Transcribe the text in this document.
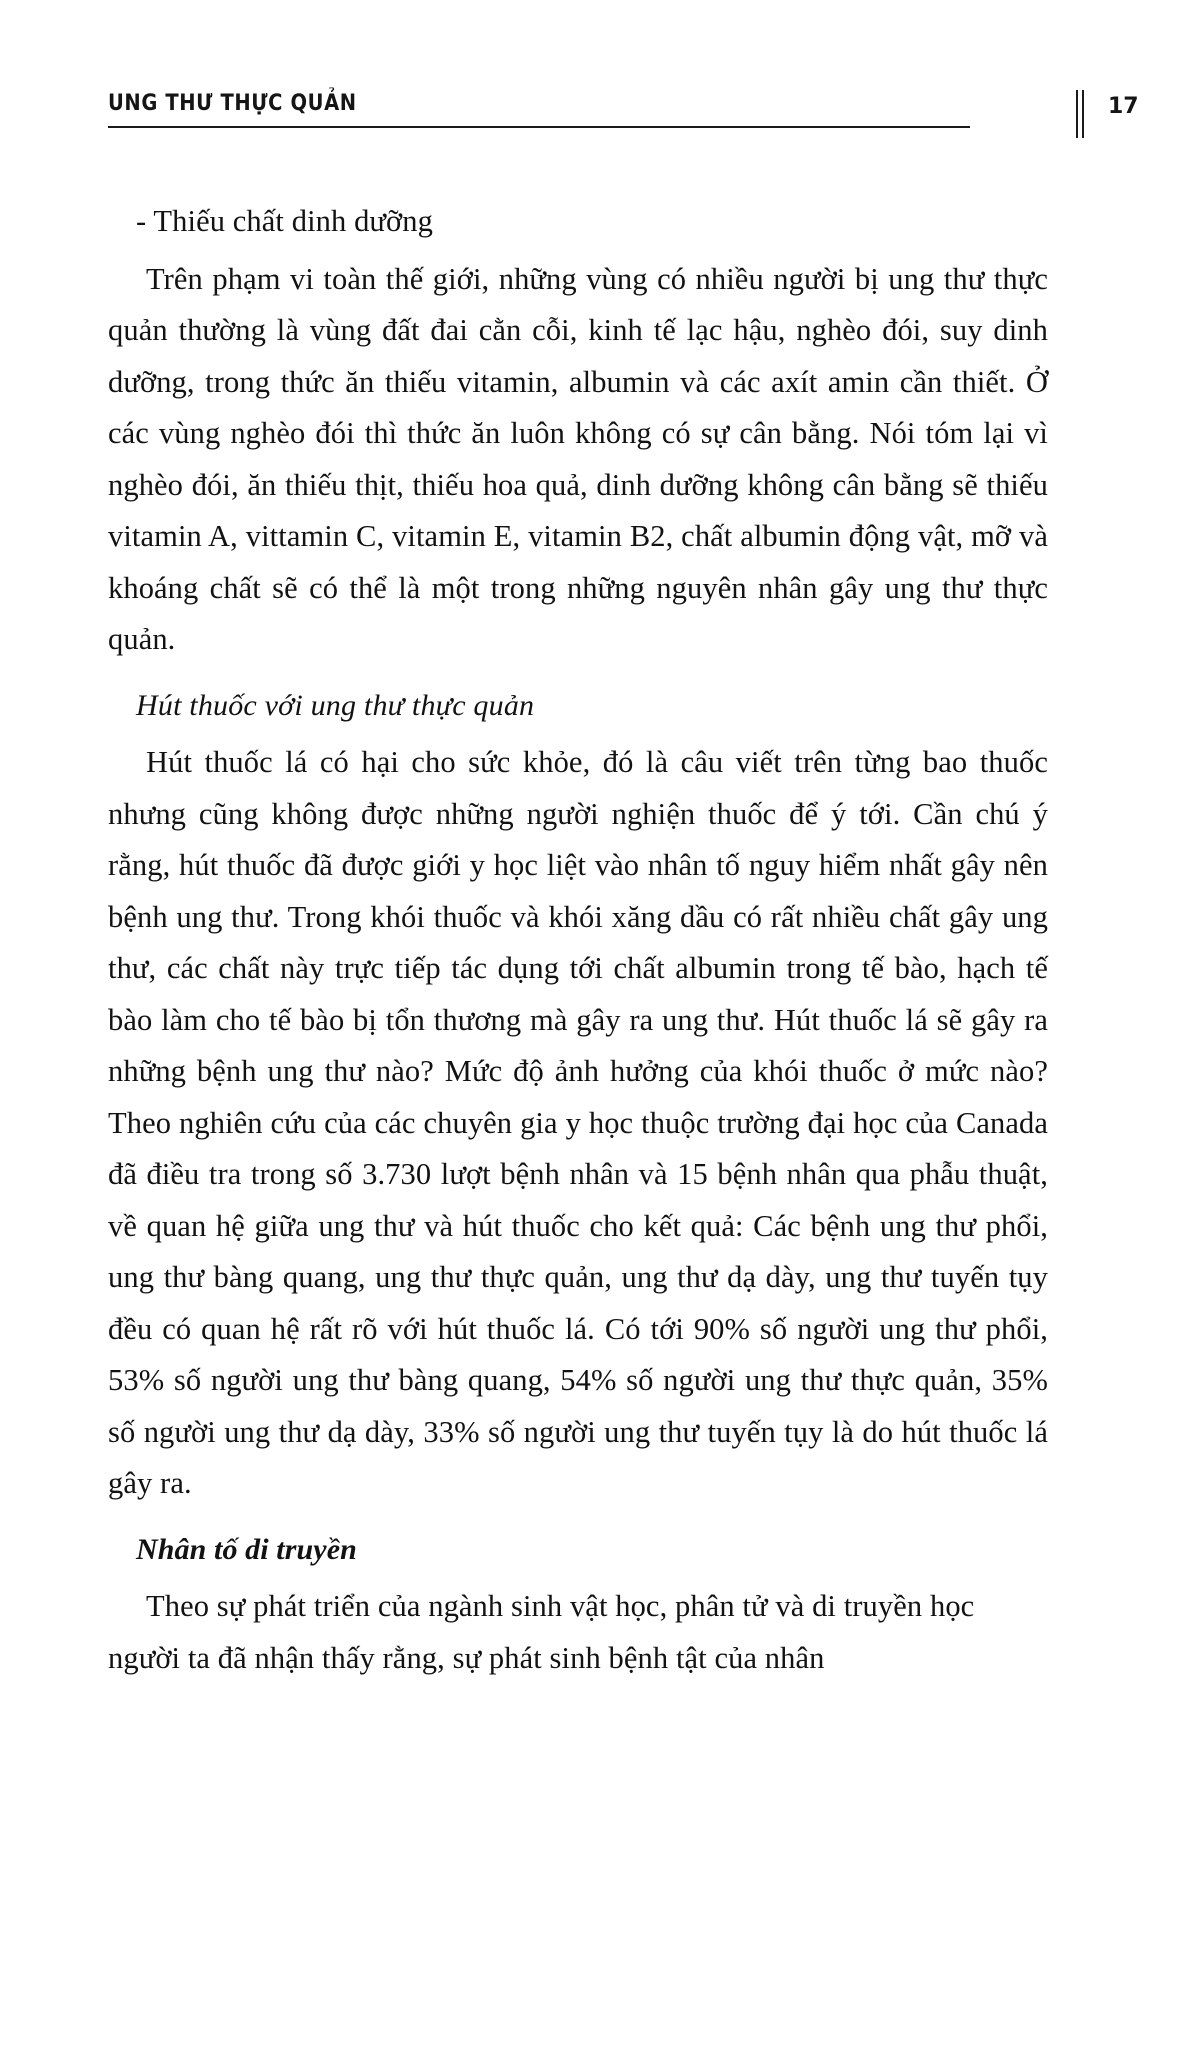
UNG THƯ THỰC QUẢN	17

- Thiếu chất dinh dưỡng

Trên phạm vi toàn thế giới, những vùng có nhiều người bị ung thư thực quản thường là vùng đất đai cằn cỗi, kinh tế lạc hậu, nghèo đói, suy dinh dưỡng, trong thức ăn thiếu vitamin, albumin và các axít amin cần thiết. Ở các vùng nghèo đói thì thức ăn luôn không có sự cân bằng. Nói tóm lại vì nghèo đói, ăn thiếu thịt, thiếu hoa quả, dinh dưỡng không cân bằng sẽ thiếu vitamin A, vittamin C, vitamin E, vitamin B2, chất albumin động vật, mỡ và khoáng chất sẽ có thể là một trong những nguyên nhân gây ung thư thực quản.

Hút thuốc với ung thư thực quản

Hút thuốc lá có hại cho sức khỏe, đó là câu viết trên từng bao thuốc nhưng cũng không được những người nghiện thuốc để ý tới. Cần chú ý rằng, hút thuốc đã được giới y học liệt vào nhân tố nguy hiểm nhất gây nên bệnh ung thư. Trong khói thuốc và khói xăng dầu có rất nhiều chất gây ung thư, các chất này trực tiếp tác dụng tới chất albumin trong tế bào, hạch tế bào làm cho tế bào bị tổn thương mà gây ra ung thư. Hút thuốc lá sẽ gây ra những bệnh ung thư nào? Mức độ ảnh hưởng của khói thuốc ở mức nào? Theo nghiên cứu của các chuyên gia y học thuộc trường đại học của Canada đã điều tra trong số 3.730 lượt bệnh nhân và 15 bệnh nhân qua phẫu thuật, về quan hệ giữa ung thư và hút thuốc cho kết quả: Các bệnh ung thư phổi, ung thư bàng quang, ung thư thực quản, ung thư dạ dày, ung thư tuyến tụy đều có quan hệ rất rõ với hút thuốc lá. Có tới 90% số người ung thư phổi, 53% số người ung thư bàng quang, 54% số người ung thư thực quản, 35% số người ung thư dạ dày, 33% số người ung thư tuyến tụy là do hút thuốc lá gây ra.

Nhân tố di truyền

Theo sự phát triển của ngành sinh vật học, phân tử và di truyền học người ta đã nhận thấy rằng, sự phát sinh bệnh tật của nhân
